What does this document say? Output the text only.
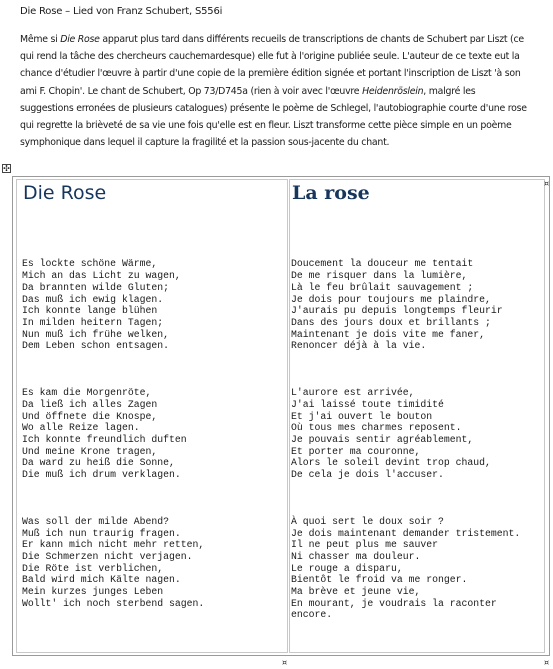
Die Rose – Lied von Franz Schubert, S556i

Même si Die Rose apparut plus tard dans différents recueils de transcriptions de chants de Schubert par Liszt (ce qui rend la tâche des chercheurs cauchemardesque) elle fut à l'origine publiée seule. L'auteur de ce texte eut la chance d'étudier l'œuvre à partir d'une copie de la première édition signée et portant l'inscription de Liszt 'à son ami F. Chopin'. Le chant de Schubert, Op 73/D745a (rien à voir avec l'œuvre Heidenröslein, malgré les suggestions erronées de plusieurs catalogues) présente le poème de Schlegel, l'autobiographie courte d'une rose qui regrette la brièveté de sa vie une fois qu'elle est en fleur. Liszt transforme cette pièce simple en un poème symphonique dans lequel il capture la fragilité et la passion sous-jacente du chant.

✣
Die Rose

Es lockte schöne Wärme,
Mich an das Licht zu wagen,
Da brannten wilde Gluten;
Das muß ich ewig klagen.
Ich konnte lange blühen
In milden heitern Tagen;
Nun muß ich frühe welken,
Dem Leben schon entsagen.

Es kam die Morgenröte,
Da ließ ich alles Zagen
Und öffnete die Knospe,
Wo alle Reize lagen.
Ich konnte freundlich duften
Und meine Krone tragen,
Da ward zu heiß die Sonne,
Die muß ich drum verklagen.

Was soll der milde Abend?
Muß ich nun traurig fragen.
Er kann mich nicht mehr retten,
Die Schmerzen nicht verjagen.
Die Röte ist verblichen,
Bald wird mich Kälte nagen.
Mein kurzes junges Leben
Wollt' ich noch sterbend sagen.

La rose

Doucement la douceur me tentait
De me risquer dans la lumière,
Là le feu brûlait sauvagement ;
Je dois pour toujours me plaindre,
J'aurais pu depuis longtemps fleurir
Dans des jours doux et brillants ;
Maintenant je dois vite me faner,
Renoncer déjà à la vie.

L'aurore est arrivée,
J'ai laissé toute timidité
Et j'ai ouvert le bouton
Où tous mes charmes reposent.
Je pouvais sentir agréablement,
Et porter ma couronne,
Alors le soleil devint trop chaud,
De cela je dois l'accuser.

À quoi sert le doux soir ?
Je dois maintenant demander tristement.
Il ne peut plus me sauver
Ni chasser ma douleur.
Le rouge a disparu,
Bientôt le froid va me ronger.
Ma brève et jeune vie,
En mourant, je voudrais la raconter
encore.

¤
¤
¤
